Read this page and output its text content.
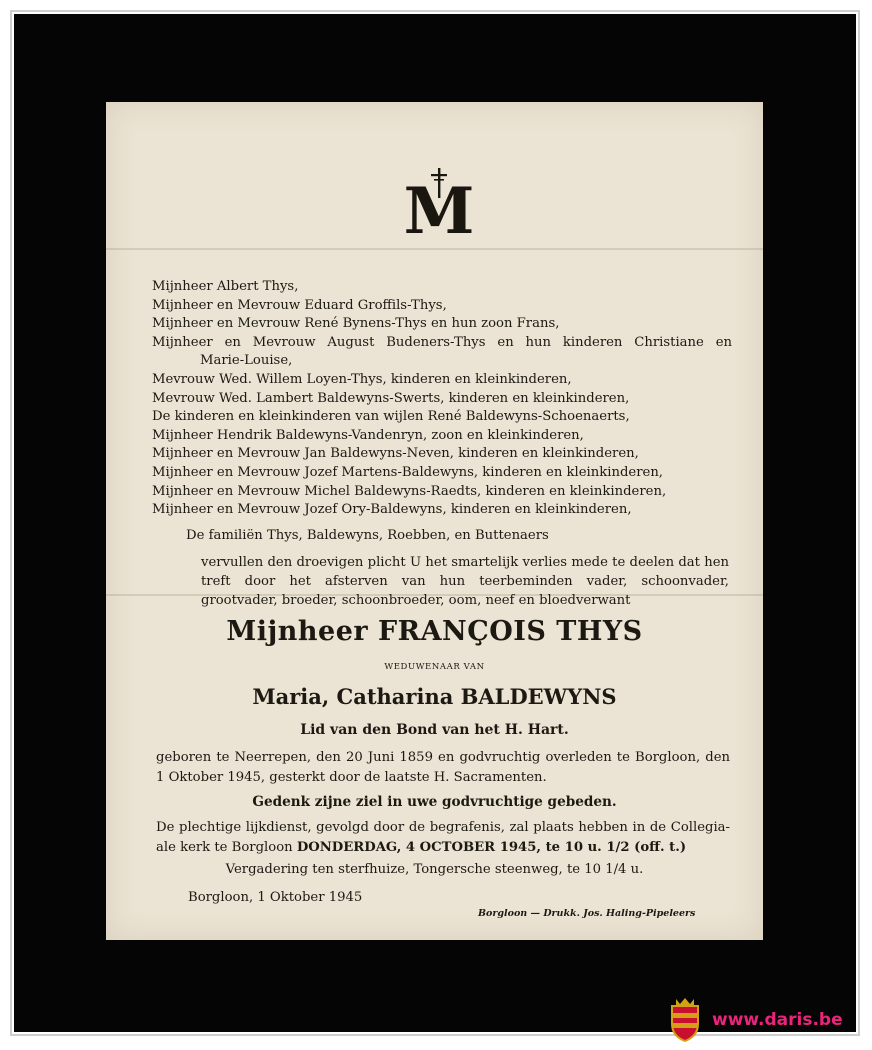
M
Mijnheer Albert Thys,
Mijnheer en Mevrouw Eduard Groffils-Thys,
Mijnheer en Mevrouw René Bynens-Thys en hun zoon Frans,
Mijnheer en Mevrouw August Budeners-Thys en hun kinderen Christiane en
Marie-Louise,
Mevrouw Wed. Willem Loyen-Thys, kinderen en kleinkinderen,
Mevrouw Wed. Lambert Baldewyns-Swerts, kinderen en kleinkinderen,
De kinderen en kleinkinderen van wijlen René Baldewyns-Schoenaerts,
Mijnheer Hendrik Baldewyns-Vandenryn, zoon en kleinkinderen,
Mijnheer en Mevrouw Jan Baldewyns-Neven, kinderen en kleinkinderen,
Mijnheer en Mevrouw Jozef Martens-Baldewyns, kinderen en kleinkinderen,
Mijnheer en Mevrouw Michel Baldewyns-Raedts, kinderen en kleinkinderen,
Mijnheer en Mevrouw Jozef Ory-Baldewyns, kinderen en kleinkinderen,
De familiën Thys, Baldewyns, Roebben, en Buttenaers
vervullen den droevigen plicht U het smartelijk verlies mede te deelen dat hen treft door het afsterven van hun teerbeminden vader, schoonvader, grootvader, broeder, schoonbroeder, oom, neef en bloedverwant
Mijnheer FRANÇOIS THYS
WEDUWENAAR VAN
Maria, Catharina BALDEWYNS
Lid van den Bond van het H. Hart.
geboren te Neerrepen, den 20 Juni 1859 en godvruchtig overleden te Borgloon, den
1 Oktober 1945, gesterkt door de laatste H. Sacramenten.
Gedenk zijne ziel in uwe godvruchtige gebeden.
De plechtige lijkdienst, gevolgd door de begrafenis, zal plaats hebben in de Collegia-
ale kerk te Borgloon DONDERDAG, 4 OCTOBER 1945, te 10 u. 1/2 (off. t.)
Vergadering ten sterfhuize, Tongersche steenweg, te 10 1/4 u.
Borgloon, 1 Oktober 1945
Borgloon — Drukk. Jos. Haling-Pipeleers
www.daris.be
